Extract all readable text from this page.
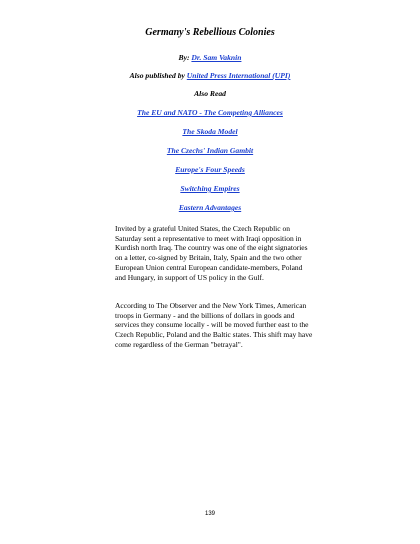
Germany's Rebellious Colonies
By: Dr. Sam Vaknin
Also published by United Press International (UPI)
Also Read
The EU and NATO - The Competing Alliances
The Skoda Model
The Czechs' Indian Gambit
Europe's Four Speeds
Switching Empires
Eastern Advantages

Invited by a grateful United States, the Czech Republic on Saturday sent a representative to meet with Iraqi opposition in Kurdish north Iraq. The country was one of the eight signatories on a letter, co-signed by Britain, Italy, Spain and the two other European Union central European candidate-members, Poland and Hungary, in support of US policy in the Gulf.

According to The Observer and the New York Times, American troops in Germany - and the billions of dollars in goods and services they consume locally - will be moved further east to the Czech Republic, Poland and the Baltic states. This shift may have come regardless of the German "betrayal".

139
